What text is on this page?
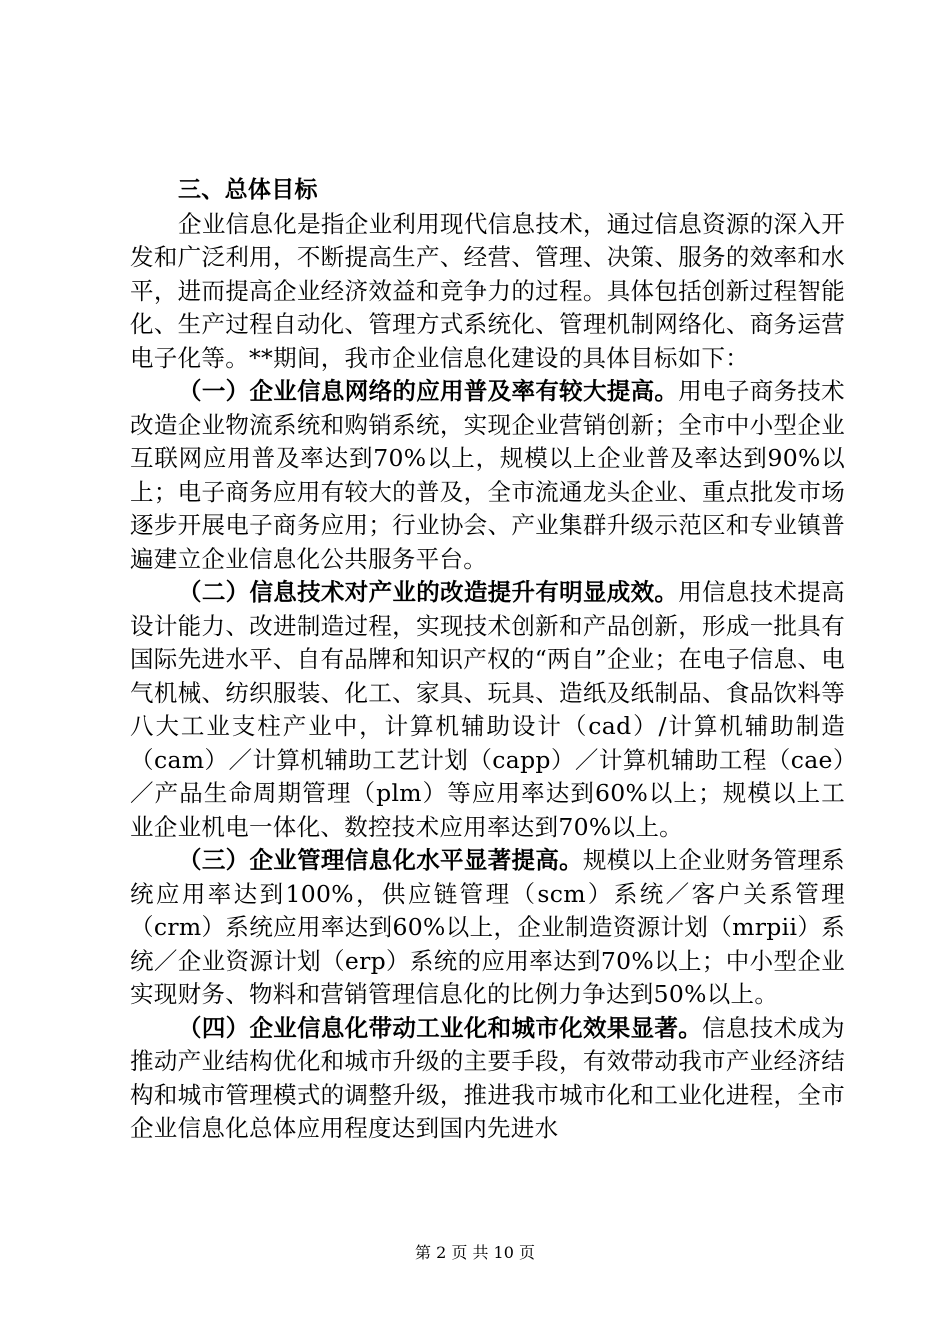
三、总体目标

企业信息化是指企业利用现代信息技术，通过信息资源的深入开发和广泛利用，不断提高生产、经营、管理、决策、服务的效率和水平，进而提高企业经济效益和竞争力的过程。具体包括创新过程智能化、生产过程自动化、管理方式系统化、管理机制网络化、商务运营电子化等。**期间，我市企业信息化建设的具体目标如下：

（一）企业信息网络的应用普及率有较大提高。用电子商务技术改造企业物流系统和购销系统，实现企业营销创新；全市中小型企业互联网应用普及率达到70%以上，规模以上企业普及率达到90%以上；电子商务应用有较大的普及，全市流通龙头企业、重点批发市场逐步开展电子商务应用；行业协会、产业集群升级示范区和专业镇普遍建立企业信息化公共服务平台。

（二）信息技术对产业的改造提升有明显成效。用信息技术提高设计能力、改进制造过程，实现技术创新和产品创新，形成一批具有国际先进水平、自有品牌和知识产权的“两自”企业；在电子信息、电气机械、纺织服装、化工、家具、玩具、造纸及纸制品、食品饮料等八大工业支柱产业中，计算机辅助设计（cad）/计算机辅助制造（cam）／计算机辅助工艺计划（capp）／计算机辅助工程（cae）／产品生命周期管理（plm）等应用率达到60%以上；规模以上工业企业机电一体化、数控技术应用率达到70%以上。

（三）企业管理信息化水平显著提高。规模以上企业财务管理系统应用率达到100%，供应链管理（scm）系统／客户关系管理（crm）系统应用率达到60%以上，企业制造资源计划（mrpii）系统／企业资源计划（erp）系统的应用率达到70%以上；中小型企业实现财务、物料和营销管理信息化的比例力争达到50%以上。

（四）企业信息化带动工业化和城市化效果显著。信息技术成为推动产业结构优化和城市升级的主要手段，有效带动我市产业经济结构和城市管理模式的调整升级，推进我市城市化和工业化进程，全市企业信息化总体应用程度达到国内先进水

第 2 页 共 10 页
